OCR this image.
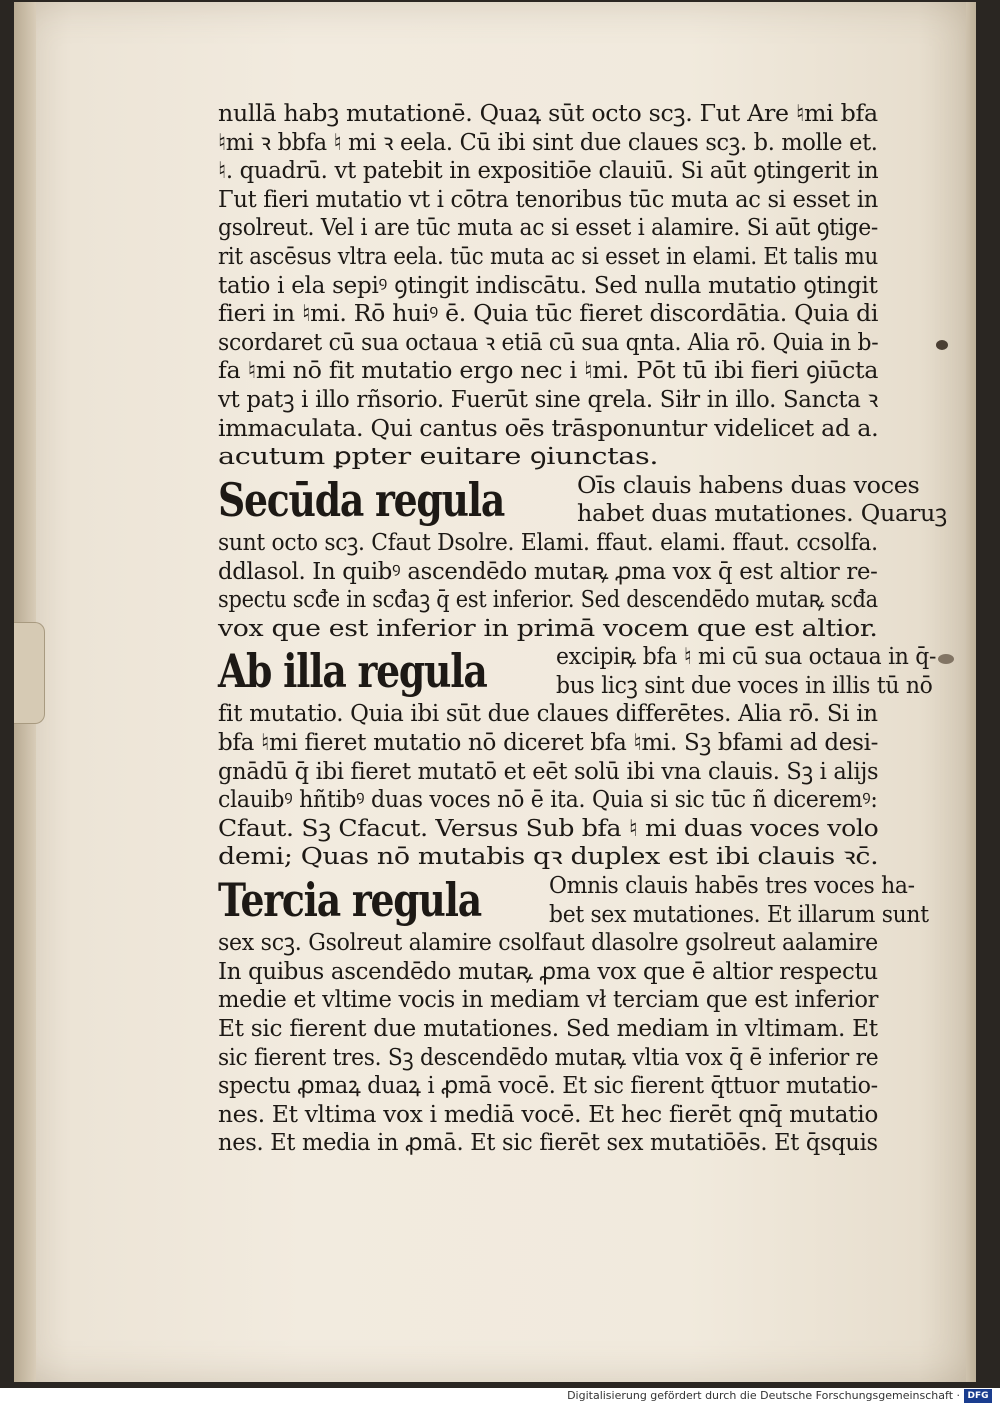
nullā habꝫ mutationē. Quaꝝ sūt octo scꝫ. Γut Are ♮mi bfa
♮mi ꝛ bbfa ♮ mi ꝛ eela. Cū ibi sint due claues scꝫ. b. molle et.
♮. quadrū. vt patebit in expositiōe clauiū. Si aūt ꝯtingerit in
Γut fieri mutatio vt i cōtra tenoribus tūc muta ac si esset in
gsolreut. Vel i are tūc muta ac si esset i alamire. Si aūt ꝯtige-
rit ascēsus vltra eela. tūc muta ac si esset in elami. Et talis mu
tatio i ela sepiꝰ ꝯtingit indiscātu. Sed nulla mutatio ꝯtingit
fieri in ♮mi. Rō huiꝰ ē. Quia tūc fieret discordātia. Quia di
scordaret cū sua octaua ꝛ etiā cū sua qnta. Alia rō. Quia in b-
fa ♮mi nō fit mutatio ergo nec i ♮mi. Pōt tū ibi fieri ꝯiūcta
vt patꝫ i illo rñsorio. Fuerūt sine qrela. Siłr in illo. Sancta ꝛ
immaculata. Qui cantus oēs trāsponuntur videlicet ad a.
acutum ꝑpter euitare ꝯiunctas.
Secūda regula	Oīs clauis habens duas voces
habet duas mutationes. Quaruꝫ
sunt octo scꝫ. Cfaut Dsolre. Elami. ffaut. elami. ffaut. ccsolfa.
ddlasol. In quibꝰ ascendēdo mutaꝶ ꝓma vox q̄ est altior re-
spectu scđe in scđaꝫ q̄ est inferior. Sed descendēdo mutaꝶ scđa
vox que est inferior in primā vocem que est altior.
Ab illa regula	excipiꝶ bfa ♮ mi cū sua octaua in q̄-
bus licꝫ sint due voces in illis tū nō
fit mutatio. Quia ibi sūt due claues differētes. Alia rō. Si in
bfa ♮mi fieret mutatio nō diceret bfa ♮mi. Sꝫ bfami ad desi-
gnādū q̄ ibi fieret mutatō et eēt solū ibi vna clauis. Sꝫ i alijs
clauibꝰ hñtibꝰ duas voces nō ē ita. Quia si sic tūc ñ diceremꝰ:
Cfaut. Sꝫ Cfacut. Versus Sub bfa ♮ mi duas voces volo
demi; Quas nō mutabis qꝛ duplex est ibi clauis ꝛc̄.
Tercia regula	Omnis clauis habēs tres voces ha-
bet sex mutationes. Et illarum sunt
sex scꝫ. Gsolreut alamire csolfaut dlasolre gsolreut aalamire
In quibus ascendēdo mutaꝶ ꝓma vox que ē altior respectu
medie et vltime vocis in mediam vł terciam que est inferior
Et sic fierent due mutationes. Sed mediam in vltimam. Et
sic fierent tres. Sꝫ descendēdo mutaꝶ vltia vox q̄ ē inferior re
spectu ꝓmaꝝ duaꝝ i ꝓmā vocē. Et sic fierent q̄ttuor mutatio-
nes. Et vltima vox i mediā vocē. Et hec fierēt qnq̄ mutatio
nes. Et media in ꝓmā. Et sic fierēt sex mutatiōēs. Et q̄squis
Digitalisierung gefördert durch die Deutsche Forschungsgemeinschaft · DFG
